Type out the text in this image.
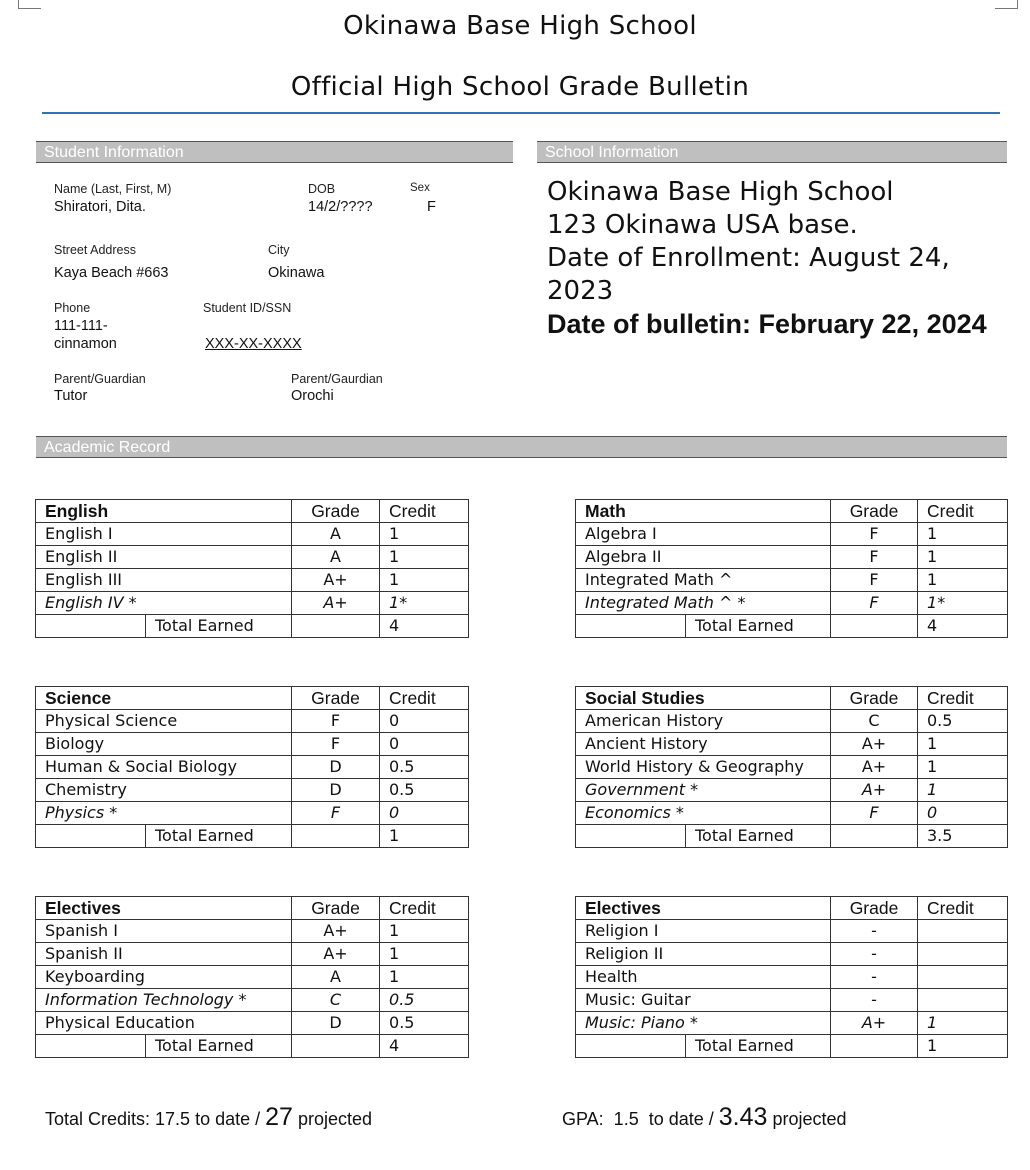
Okinawa Base High School
Official High School Grade Bulletin
Student Information	School Information
Academic Record
Name (Last, First, M)
Shiratori, Dita.
DOB
14/2/????
Sex
F
Street Address
Kaya Beach #663
City
Okinawa
Phone
111-111-
cinnamon
Student ID/SSN
XXX-XX-XXXX
Parent/Guardian
Tutor
Parent/Gaurdian
Orochi
Okinawa Base High School
123 Okinawa USA base.
Date of Enrollment: August 24,
2023
Date of bulletin: February 22, 2024
English		Grade	Credit
English I		A	1
English II		A	1
English III		A+	1
English IV *		A+	1*
	Total Earned		4
Math		Grade	Credit
Algebra I		F	1
Algebra II		F	1
Integrated Math ^		F	1
Integrated Math ^ *		F	1*
	Total Earned		4
Science		Grade	Credit
Physical Science		F	0
Biology		F	0
Human & Social Biology		D	0.5
Chemistry		D	0.5
Physics *		F	0
	Total Earned		1
Social Studies		Grade	Credit
American History		C	0.5
Ancient History		A+	1
World History & Geography		A+	1
Government *		A+	1
Economics *		F	0
	Total Earned		3.5
Electives		Grade	Credit
Spanish I		A+	1
Spanish II		A+	1
Keyboarding		A	1
Information Technology *		C	0.5
Physical Education		D	0.5
	Total Earned		4
Electives		Grade	Credit
Religion I		-	
Religion II		-	
Health		-	
Music: Guitar		-	
Music: Piano *		A+	1
	Total Earned		1
Total Credits: 17.5 to date / 27 projected	GPA:  1.5  to date / 3.43 projected
